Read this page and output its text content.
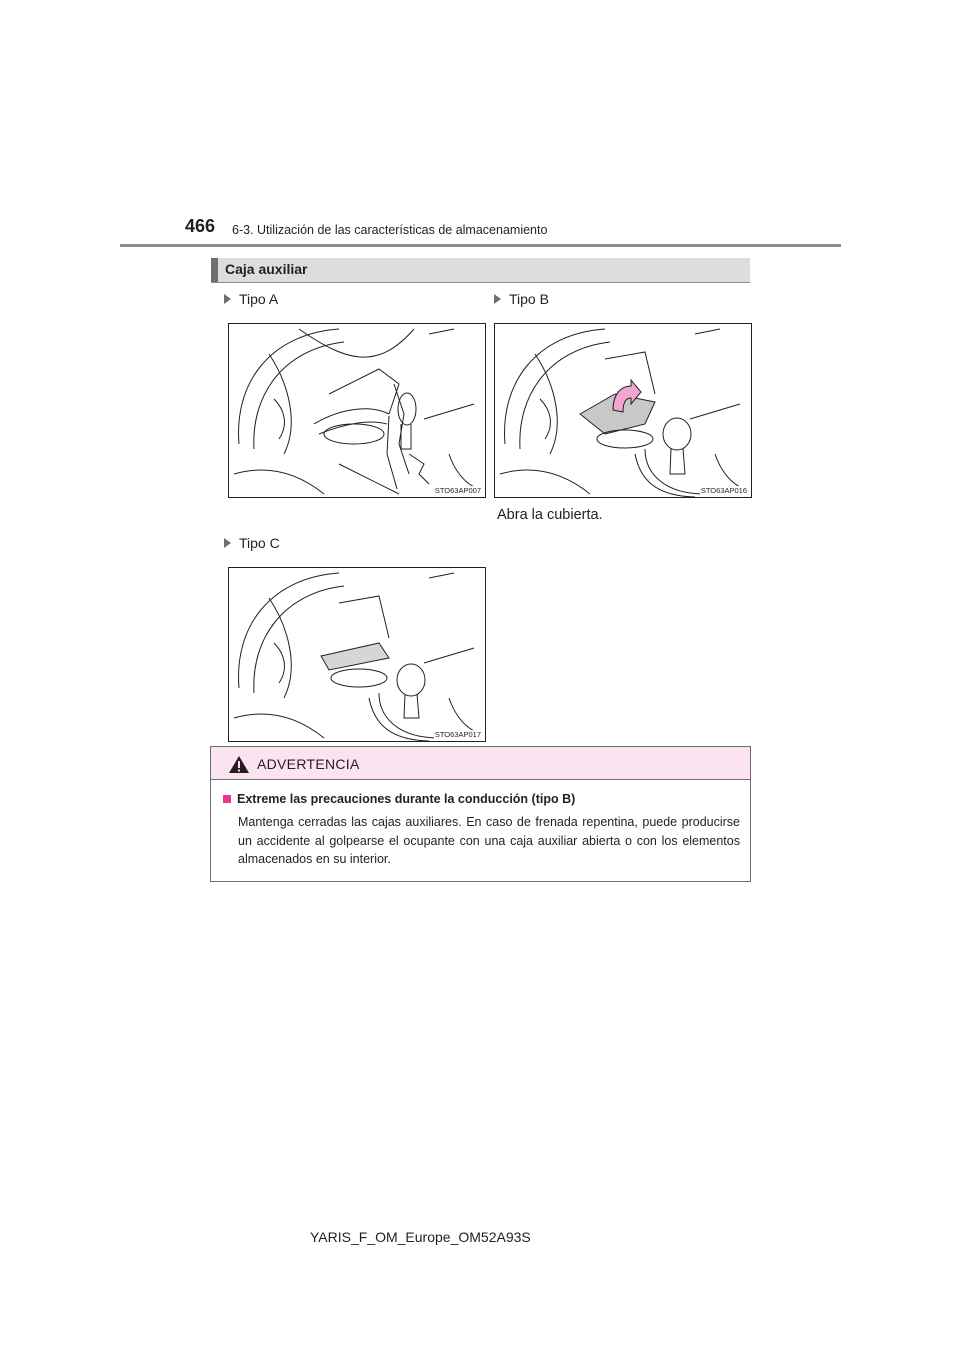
466 6-3. Utilización de las características de almacenamiento
Caja auxiliar
Tipo A
STO63AP007
Tipo B
STO63AP016
Abra la cubierta.
Tipo C
STO63AP017
ADVERTENCIA
Extreme las precauciones durante la conducción (tipo B)
Mantenga cerradas las cajas auxiliares. En caso de frenada repentina, puede producirse un accidente al golpearse el ocupante con una caja auxiliar abierta o con los elementos almacenados en su interior.
YARIS_F_OM_Europe_OM52A93S
